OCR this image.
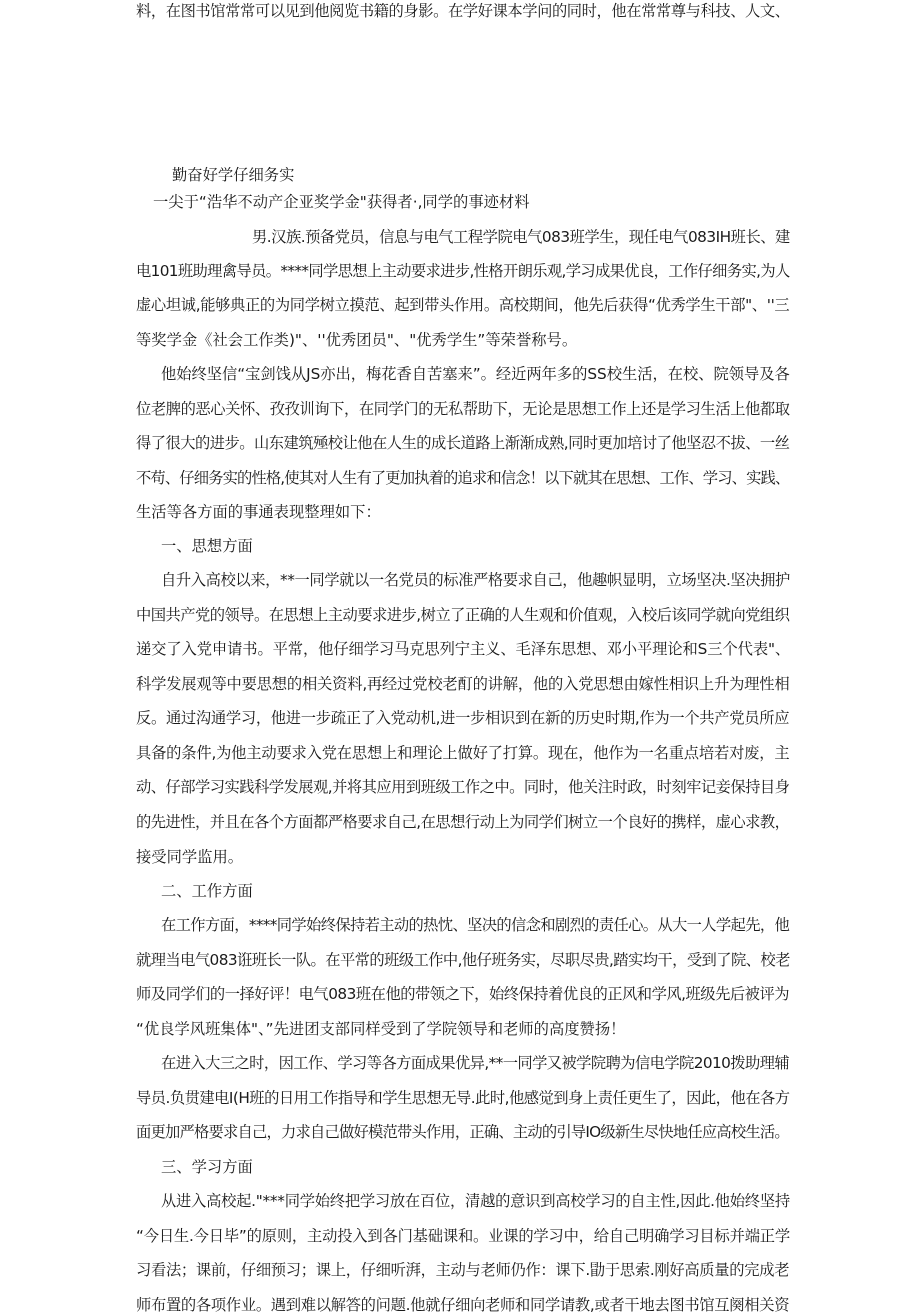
勤奋好学仔细务实
一尖于“浩华不动产企亚奖学金"获得者·,同学的事迹材料
男.汉族.预备党员，信息与电气工程学院电气083班学生，现任电气083IH班长、建
电101班助理禽导员。****同学思想上主动要求进步,性格开朗乐观,学习成果优良，工作仔细务实,为人
虚心坦诚,能够典正的为同学树立摸范、起到带头作用。高校期间，他先后获得“优秀学生干部"、''三
等奖学金《社会工作类)"、''优秀团员"、"优秀学生”等荣誉称号。
他始终坚信“宝剑饯从JS亦出，梅花香自苦塞来”。经近两年多的SS校生活，在校、院领导及各
位老脾的恶心关怀、孜孜训询下，在同学门的无私帮助下，无论是思想工作上还是学习生活上他都取
得了很大的进步。山东建筑殛校让他在人生的成长道路上渐渐成熟,同时更加培讨了他坚忍不拔、一丝
不苟、仔细务实的性格,使其对人生有了更加执着的追求和信念！以下就其在思想、工作、学习、实践、
生活等各方面的事通表现整理如下：
一、思想方面
自升入高校以来，**一同学就以一名党员的标准严格要求自己，他趣帜显明，立场坚决.坚决拥护
中国共产党的领导。在思想上主动要求进步,树立了正确的人生观和价值观，入校后该同学就向党组织
递交了入党申请书。平常，他仔细学习马克思列宁主义、毛泽东思想、邓小平理论和S三个代表"、
科学发展观等中要思想的相关资料,再经过党校老酊的讲解，他的入党思想由嫁性相识上升为理性相
反。通过沟通学习，他进一步疏正了入党动机,进一步相识到在新的历史时期,作为一个共产党员所应
具备的条件,为他主动要求入党在思想上和理论上做好了打算。现在，他作为一名重点培若对废，主
动、仔部学习实践科学发展观,并将其应用到班级工作之中。同时，他关注时政，时刻牢记妾保持目身
的先进性，并且在各个方面都严格要求自己,在思想行动上为同学们树立一个良好的携样，虚心求教，
接受同学监用。
二、工作方面
在工作方面，****同学始终保持若主动的热忱、坚决的信念和剧烈的责任心。从大一人学起先，他
就理当电气083诳班长一队。在平常的班级工作中,他仔班务实，尽职尽贵,踏实均干，受到了院、校老
师及同学们的一择好评！电气083班在他的带领之下，始终保持着优良的正风和学风,班级先后被评为
“优良学风班集体"、”先进团支部同样受到了学院领导和老师的高度赞扬！
在进入大三之时，因工作、学习等各方面成果优异,**一同学又被学院聘为信电学院2010拨助理辅
导员.负贯建电I(H班的日用工作指导和学生思想无导.此时,他感觉到身上责任更生了，因此，他在各方
面更加严格要求自己，力求自己做好模范带头作用，正确、主动的引导IO级新生尽快地任应高校生活。
三、学习方面
从进入高校起."***同学始终把学习放在百位，清越的意识到高校学习的自主性,因此.他始终坚持
“今日生.今日毕”的原则，主动投入到各门基础课和。业课的学习中，给自己明确学习目标并端正学
习看法；课前，仔细预习；课上，仔细听湃，主动与老师仍作：课下.勖于思索.刚好高质量的完成老
师布置的各项作业。遇到难以解答的问题.他就仔细向老师和同学请教,或者干地去图书馆互阕相关资
料，在图书馆常常可以见到他阅览书籍的身影。在学好课本学问的同时，他在常常尊与科技、人文、
